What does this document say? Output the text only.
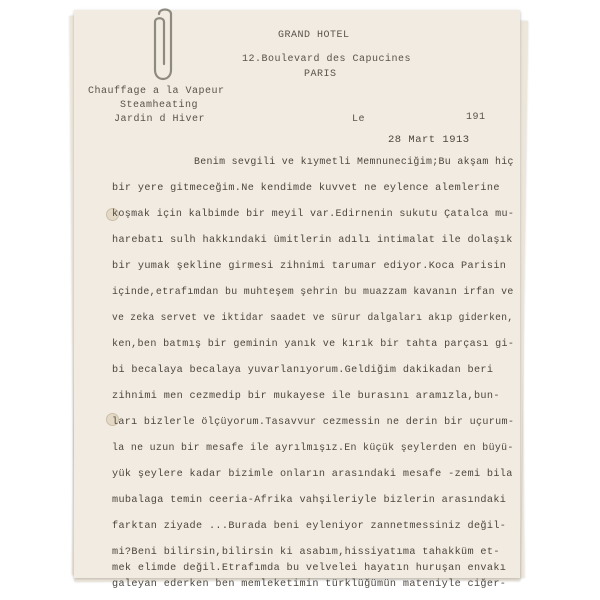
GRAND HOTEL
12.Boulevard des Capucines
PARIS
Chauffage a la Vapeur
Steamheating
Jardin d Hiver	Le	191
28 Mart 1913
Benim sevgili ve kıymetli Memnuneciğim;Bu akşam hiç
bir yere gitmeceğim.Ne kendimde kuvvet ne eylence alemlerine
koşmak için kalbimde bir meyil var.Edirnenin sukutu Çatalca mu-
harebatı sulh hakkındaki ümitlerin adılı intimalat ile dolaşık
bir yumak şekline girmesi zihnimi tarumar ediyor.Koca Parisin
içinde,etrafımdan bu muhteşem şehrin bu muazzam kavanın irfan ve
ve zeka servet ve iktidar saadet ve sürur dalgaları akıp giderken,
ken,ben batmış bir geminin yanık ve kırık bir tahta parçası gi-
bi becalaya becalaya yuvarlanıyorum.Geldiğim dakikadan beri
zihnimi men cezmedip bir mukayese ile burasını aramızla,bun-
ları bizlerle ölçüyorum.Tasavvur cezmessin ne derin bir uçurum-
la ne uzun bir mesafe ile ayrılmışız.En küçük şeylerden en büyü-
yük şeylere kadar bizimle onların arasındaki mesafe -zemi bila
mubalaga temin ceeria-Afrika vahşileriyle bizlerin arasındaki
farktan ziyade ...Burada beni eyleniyor zannetmessiniz değil-
mi?Beni bilirsin,bilirsin ki asabım,hissiyatıma tahakküm et-
mek elimde değil.Etrafımda bu velvelei hayatın huruşan envakı
galeyan ederken ben memleketimin türklüğümün mateniyle ciğer-
